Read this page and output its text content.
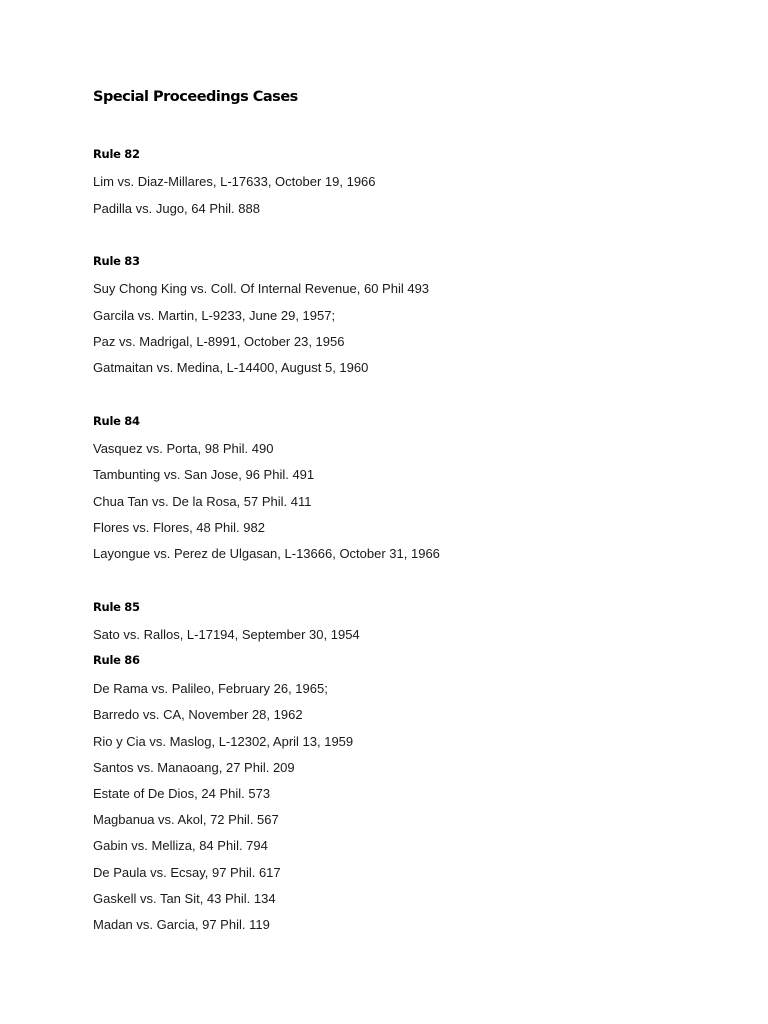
Special Proceedings Cases
Rule 82
Lim vs. Diaz-Millares, L-17633, October 19, 1966
Padilla vs. Jugo, 64 Phil. 888
Rule 83
Suy Chong King vs. Coll. Of Internal Revenue, 60 Phil 493
Garcila vs. Martin, L-9233, June 29, 1957;
Paz vs. Madrigal, L-8991, October 23, 1956
Gatmaitan vs. Medina, L-14400, August 5, 1960
Rule 84
Vasquez vs. Porta, 98 Phil. 490
Tambunting vs. San Jose, 96 Phil. 491
Chua Tan vs. De la Rosa, 57 Phil. 411
Flores vs. Flores, 48 Phil. 982
Layongue vs. Perez de Ulgasan, L-13666, October 31, 1966
Rule 85
Sato vs. Rallos, L-17194, September 30, 1954
Rule 86
De Rama vs. Palileo, February 26, 1965;
Barredo vs. CA, November 28, 1962
Rio y Cia vs. Maslog, L-12302, April 13, 1959
Santos vs. Manaoang, 27 Phil. 209
Estate of De Dios, 24 Phil. 573
Magbanua vs. Akol, 72 Phil. 567
Gabin vs. Melliza, 84 Phil. 794
De Paula vs. Ecsay, 97 Phil. 617
Gaskell vs. Tan Sit, 43 Phil. 134
Madan vs. Garcia, 97 Phil. 119
